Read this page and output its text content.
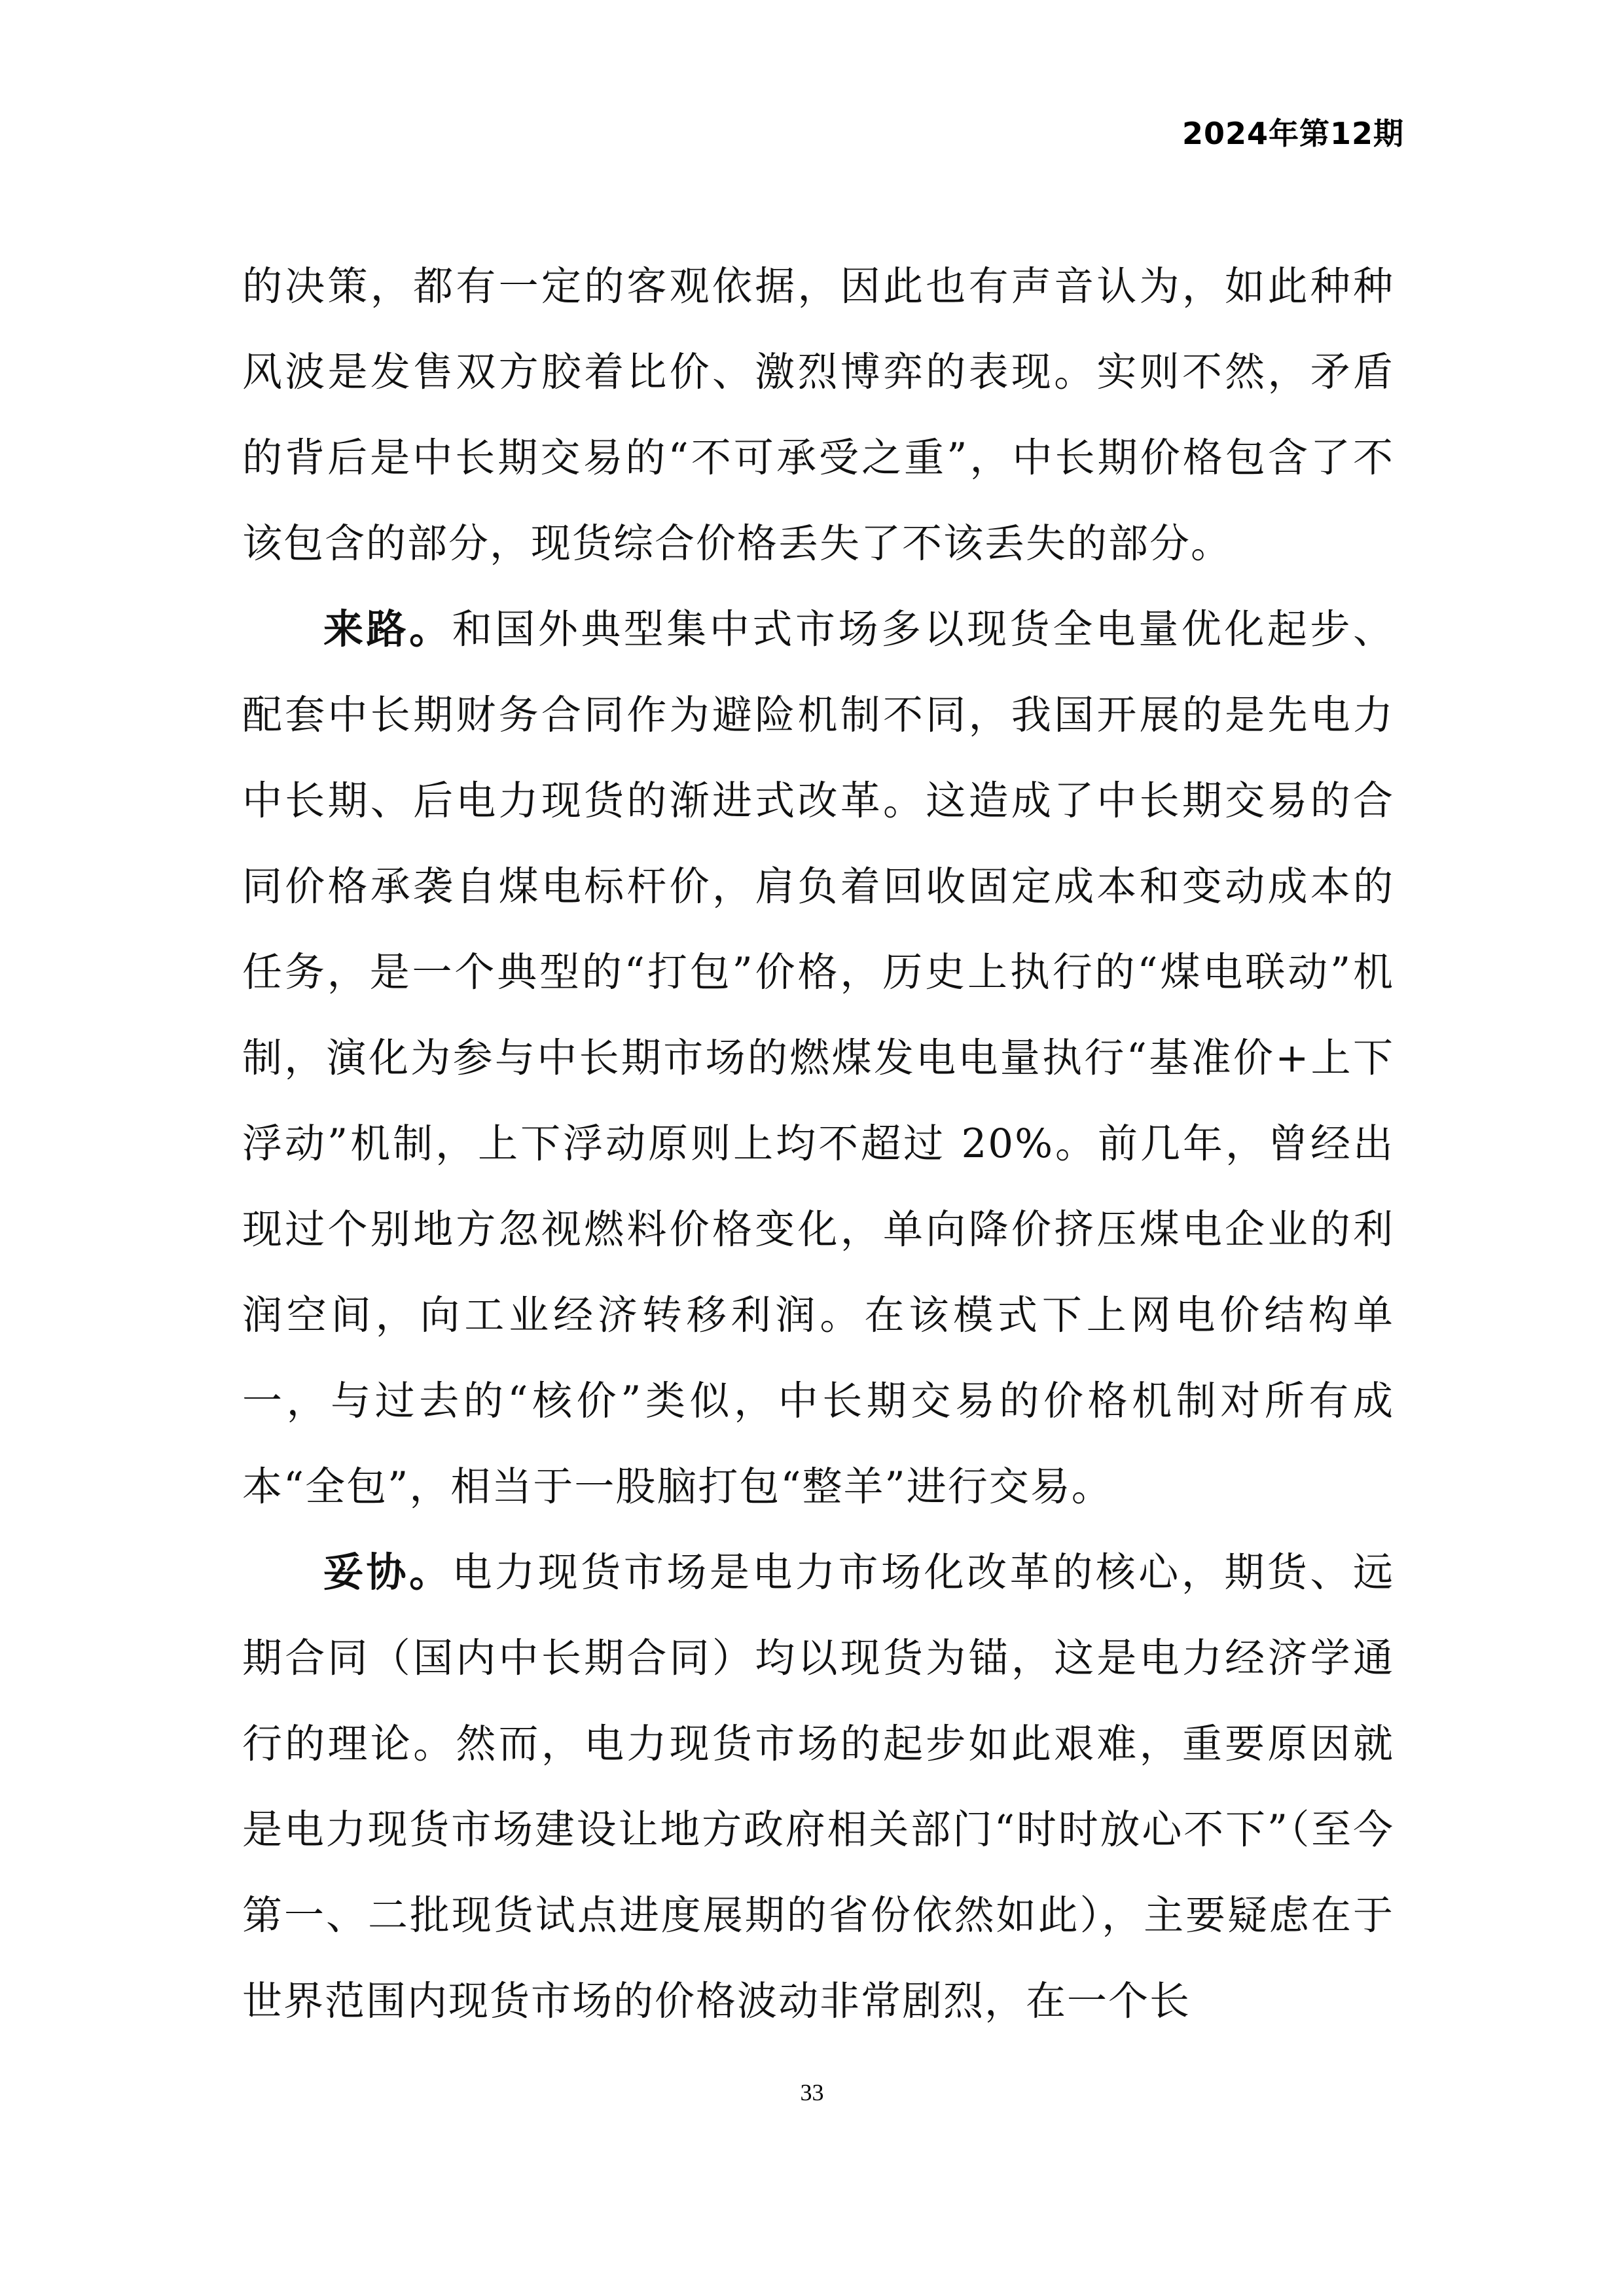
2024年第12期

的决策，都有一定的客观依据，因此也有声音认为，如此种种风波是发售双方胶着比价、激烈博弈的表现。实则不然，矛盾的背后是中长期交易的“不可承受之重”，中长期价格包含了不该包含的部分，现货综合价格丢失了不该丢失的部分。

来路。和国外典型集中式市场多以现货全电量优化起步、配套中长期财务合同作为避险机制不同，我国开展的是先电力中长期、后电力现货的渐进式改革。这造成了中长期交易的合同价格承袭自煤电标杆价，肩负着回收固定成本和变动成本的任务，是一个典型的“打包”价格，历史上执行的“煤电联动”机制，演化为参与中长期市场的燃煤发电电量执行“基准价+上下浮动”机制，上下浮动原则上均不超过 20%。前几年，曾经出现过个别地方忽视燃料价格变化，单向降价挤压煤电企业的利润空间，向工业经济转移利润。在该模式下上网电价结构单一，与过去的“核价”类似，中长期交易的价格机制对所有成本“全包”，相当于一股脑打包“整羊”进行交易。

妥协。电力现货市场是电力市场化改革的核心，期货、远期合同（国内中长期合同）均以现货为锚，这是电力经济学通行的理论。然而，电力现货市场的起步如此艰难，重要原因就是电力现货市场建设让地方政府相关部门“时时放心不下”（至今第一、二批现货试点进度展期的省份依然如此），主要疑虑在于世界范围内现货市场的价格波动非常剧烈，在一个长

33
